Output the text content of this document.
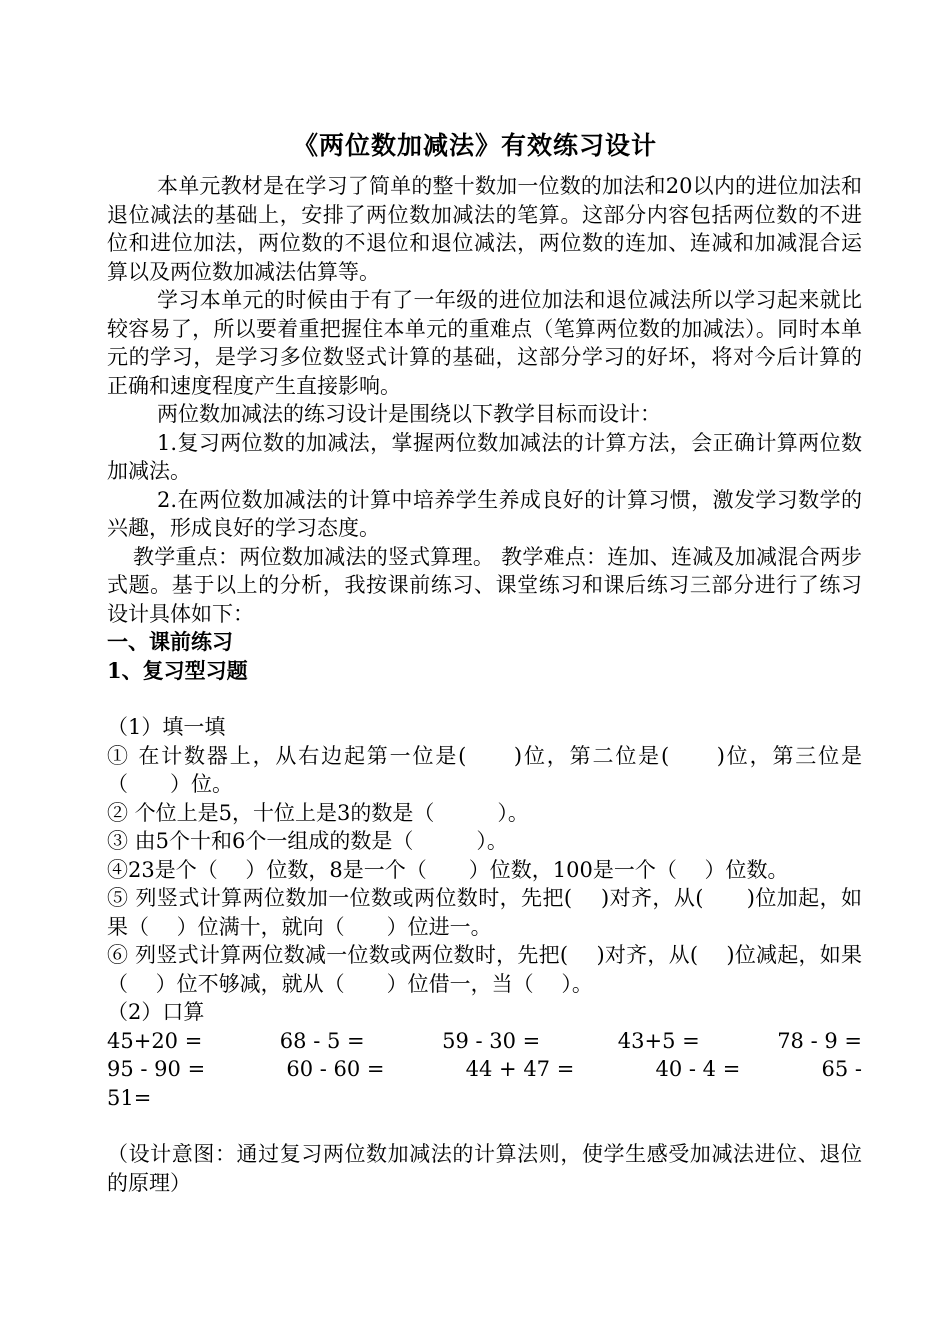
《两位数加减法》有效练习设计

本单元教材是在学习了简单的整十数加一位数的加法和20以内的进位加法和退位减法的基础上，安排了两位数加减法的笔算。这部分内容包括两位数的不进位和进位加法，两位数的不退位和退位减法，两位数的连加、连减和加减混合运算以及两位数加减法估算等。

学习本单元的时候由于有了一年级的进位加法和退位减法所以学习起来就比较容易了，所以要着重把握住本单元的重难点（笔算两位数的加减法）。同时本单元的学习，是学习多位数竖式计算的基础，这部分学习的好坏，将对今后计算的正确和速度程度产生直接影响。

两位数加减法的练习设计是围绕以下教学目标而设计：

1.复习两位数的加减法，掌握两位数加减法的计算方法，会正确计算两位数加减法。

2.在两位数加减法的计算中培养学生养成良好的计算习惯，激发学习数学的兴趣，形成良好的学习态度。

教学重点：两位数加减法的竖式算理。 教学难点：连加、连减及加减混合两步式题。基于以上的分析，我按课前练习、课堂练习和课后练习三部分进行了练习设计具体如下：

一、课前练习
1、复习型习题
（1）填一填

① 在计数器上，从右边起第一位是(　　)位，第二位是(　　)位，第三位是（　　）位。

② 个位上是5，十位上是3的数是（　　　）。

③ 由5个十和6个一组成的数是（　　　）。

④23是个（　 ）位数，8是一个（　　）位数，100是一个（　 ）位数。

⑤ 列竖式计算两位数加一位数或两位数时，先把(　 )对齐，从(　　)位加起，如果（　 ）位满十，就向（　　）位进一。

⑥ 列竖式计算两位数减一位数或两位数时，先把(　 )对齐，从(　 )位减起，如果（　 ）位不够减，就从（　　）位借一，当（　 ）。

（2）口算
45+20 =	68 - 5 =	59 - 30 =	43+5 =	78 - 9 =
95 - 90 =	60 - 60 =	44 + 47 =	40 - 4 =	65 -
51=

（设计意图：通过复习两位数加减法的计算法则，使学生感受加减法进位、退位的原理）
